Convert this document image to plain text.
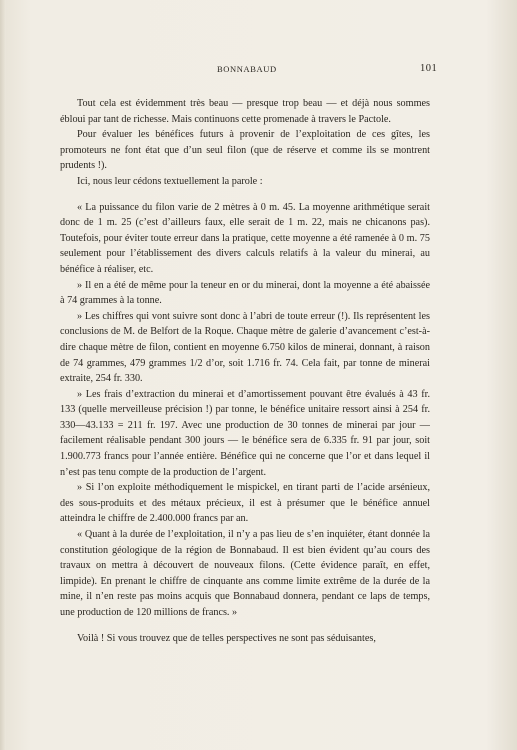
BONNABAUD	101

Tout cela est évidemment très beau — presque trop beau — et déjà nous sommes ébloui par tant de richesse. Mais continuons cette promenade à travers le Pactole.

Pour évaluer les bénéfices futurs à provenir de l’exploitation de ces gîtes, les promoteurs ne font état que d’un seul filon (que de réserve et comme ils se montrent prudents !).

Ici, nous leur cédons textuellement la parole :

« La puissance du filon varie de 2 mètres à 0 m. 45. La moyenne arithmétique serait donc de 1 m. 25 (c’est d’ailleurs faux, elle serait de 1 m. 22, mais ne chicanons pas). Toutefois, pour éviter toute erreur dans la pratique, cette moyenne a été ramenée à 0 m. 75 seulement pour l’établissement des divers calculs relatifs à la valeur du minerai, au bénéfice à réaliser, etc.

» Il en a été de même pour la teneur en or du minerai, dont la moyenne a été abaissée à 74 grammes à la tonne.

» Les chiffres qui vont suivre sont donc à l’abri de toute erreur (!). Ils représentent les conclusions de M. de Belfort de la Roque. Chaque mètre de galerie d’avancement c’est-à-dire chaque mètre de filon, contient en moyenne 6.750 kilos de minerai, donnant, à raison de 74 grammes, 479 grammes 1/2 d’or, soit 1.716 fr. 74. Cela fait, par tonne de minerai extraite, 254 fr. 330.

» Les frais d’extraction du minerai et d’amortissement pouvant être évalués à 43 fr. 133 (quelle merveilleuse précision !) par tonne, le bénéfice unitaire ressort ainsi à 254 fr. 330—43.133 = 211 fr. 197. Avec une production de 30 tonnes de minerai par jour — facilement réalisable pendant 300 jours — le bénéfice sera de 6.335 fr. 91 par jour, soit 1.900.773 francs pour l’année entière. Bénéfice qui ne concerne que l’or et dans lequel il n’est pas tenu compte de la production de l’argent.

» Si l’on exploite méthodiquement le mispickel, en tirant parti de l’acide arsénieux, des sous-produits et des métaux précieux, il est à présumer que le bénéfice annuel atteindra le chiffre de 2.400.000 francs par an.

« Quant à la durée de l’exploitation, il n’y a pas lieu de s’en inquiéter, étant donnée la constitution géologique de la région de Bonnabaud. Il est bien évident qu’au cours des travaux on mettra à découvert de nouveaux filons. (Cette évidence paraît, en effet, limpide). En prenant le chiffre de cinquante ans comme limite extrême de la durée de la mine, il n’en reste pas moins acquis que Bonnabaud donnera, pendant ce laps de temps, une production de 120 millions de francs. »

Voilà ! Si vous trouvez que de telles perspectives ne sont pas séduisantes,
